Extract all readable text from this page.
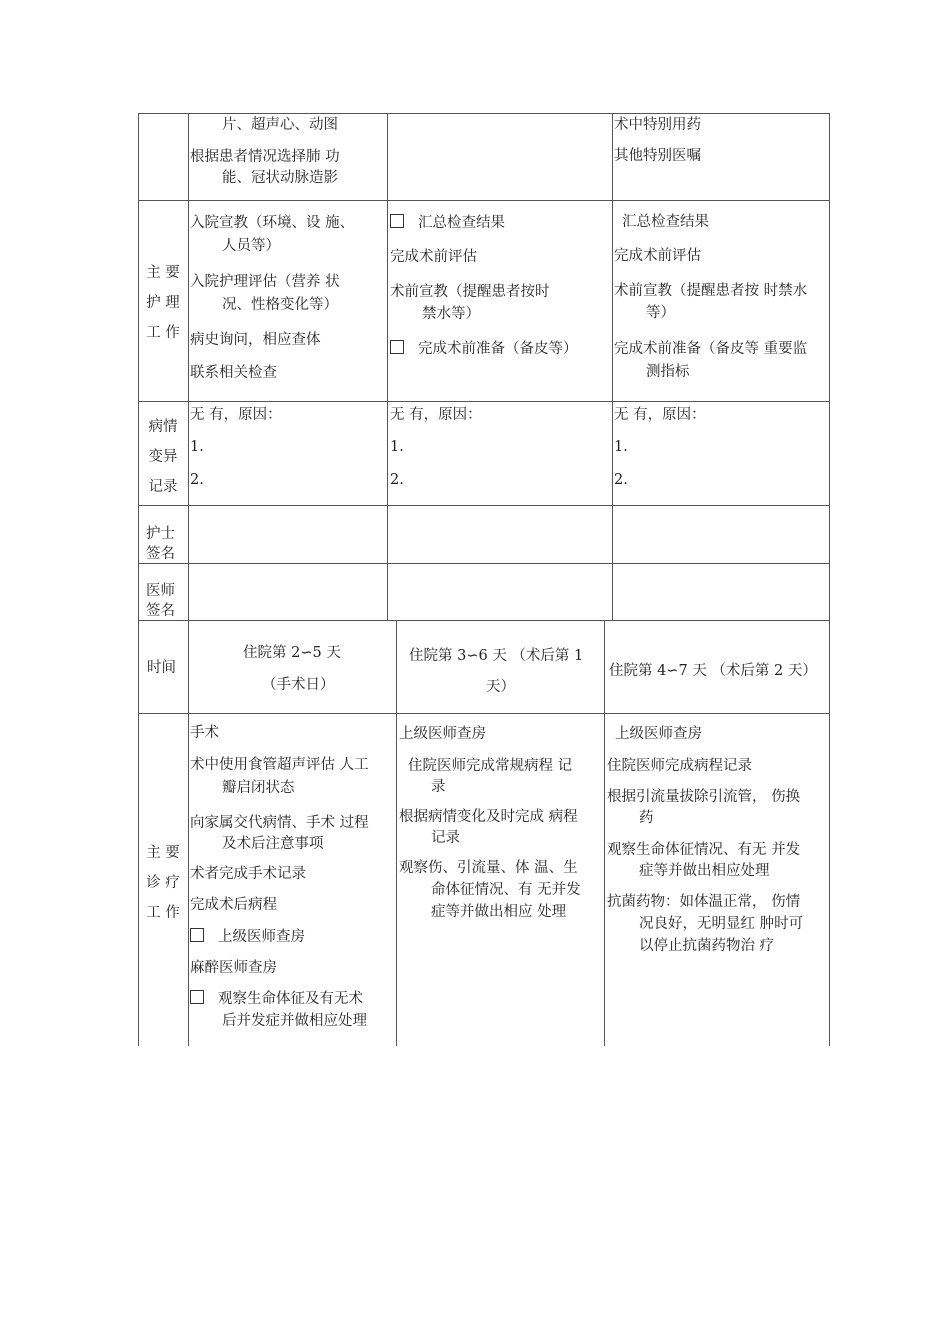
片、超声心、动图
根据患者情况选择肺 功
能、冠状动脉造影
术中特别用药
其他特别医嘱
主 要
护 理
工 作
入院宣教（环境、设 施、
人员等）
入院护理评估（营养 状
况、性格变化等）
病史询问，相应查体
联系相关检查
汇总检查结果
完成术前评估
术前宣教（提醒患者按时
禁水等）
完成术前准备（备皮等）
汇总检查结果
完成术前评估
术前宣教（提醒患者按 时禁水
等）
完成术前准备（备皮等 重要监
测指标
病情
变异
记录
无 有，原因：
1.
2.
无 有，原因：
1.
2.
无 有，原因：
1.
2.
护士
签名
医师
签名
时间
住院第 2∽5 天
（手术日）
住院第 3∽6 天 （术后第 1
天）
住院第 4∽7 天 （术后第 2 天）
主 要
诊 疗
工 作
手术
术中使用食管超声评估 人工
瓣启闭状态
向家属交代病情、手术 过程
及术后注意事项
术者完成手术记录
完成术后病程
上级医师查房
麻醉医师查房
观察生命体征及有无术
后并发症并做相应处理
上级医师查房
住院医师完成常规病程 记
录
根据病情变化及时完成 病程
记录
观察伤、引流量、体 温、生
命体征情况、有 无并发
症等并做出相应 处理
上级医师查房
住院医师完成病程记录
根据引流量拔除引流管， 伤换
药
观察生命体征情况、有无 并发
症等并做出相应处理
抗菌药物：如体温正常， 伤情
况良好，无明显红 肿时可
以停止抗菌药物治 疗
